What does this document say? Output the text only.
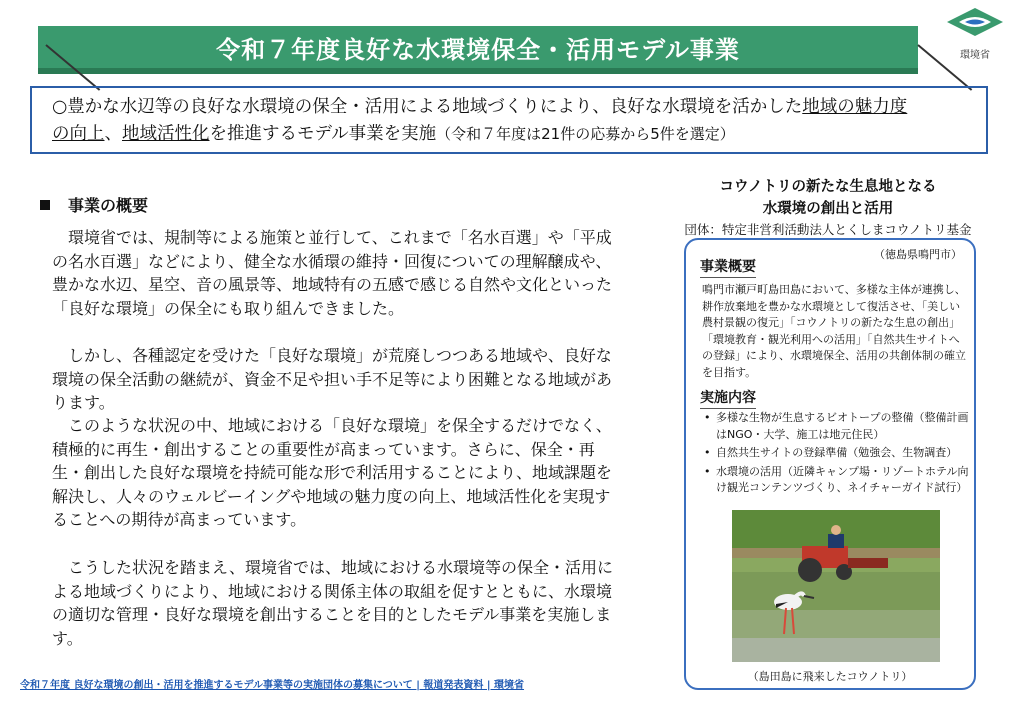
令和７年度良好な水環境保全・活用モデル事業	環境省
○豊かな水辺等の良好な水環境の保全・活用による地域づくりにより、良好な水環境を活かした地域の魅力度
の向上、地域活性化を推進するモデル事業を実施（令和７年度は21件の応募から5件を選定）
事業の概要

　環境省では、規制等による施策と並行して、これまで「名水百選」や「平成の名水百選」などにより、健全な水循環の維持・回復についての理解醸成や、豊かな水辺、星空、音の風景等、地域特有の五感で感じる自然や文化といった「良好な環境」の保全にも取り組んできました。

　しかし、各種認定を受けた「良好な環境」が荒廃しつつある地域や、良好な環境の保全活動の継続が、資金不足や担い手不足等により困難となる地域があります。

　このような状況の中、地域における「良好な環境」を保全するだけでなく、積極的に再生・創出することの重要性が高まっています。さらに、保全・再生・創出した良好な環境を持続可能な形で利活用することにより、地域課題を解決し、人々のウェルビーイングや地域の魅力度の向上、地域活性化を実現することへの期待が高まっています。

　こうした状況を踏まえ、環境省では、地域における水環境等の保全・活用による地域づくりにより、地域における関係主体の取組を促すとともに、水環境の適切な管理・良好な環境を創出することを目的としたモデル事業を実施します。

令和７年度 良好な環境の創出・活用を推進するモデル事業等の実施団体の募集について | 報道発表資料 | 環境省
コウノトリの新たな生息地となる
水環境の創出と活用
団体：特定非営利活動法人とくしまコウノトリ基金
（徳島県鳴門市）
事業概要

鳴門市瀬戸町島田島において、多様な主体が連携し、耕作放棄地を豊かな水環境として復活させ、「美しい農村景観の復元」「コウノトリの新たな生息の創出」「環境教育・観光利用への活用」「自然共生サイトへの登録」により、水環境保全、活用の共創体制の確立を目指す。

実施内容
• 多様な生物が生息するビオトープの整備（整備計画はNGO・大学、施工は地元住民）
• 自然共生サイトの登録準備（勉強会、生物調査）
• 水環境の活用（近隣キャンプ場・リゾートホテル向け観光コンテンツづくり、ネイチャーガイド試行）
（島田島に飛来したコウノトリ）
